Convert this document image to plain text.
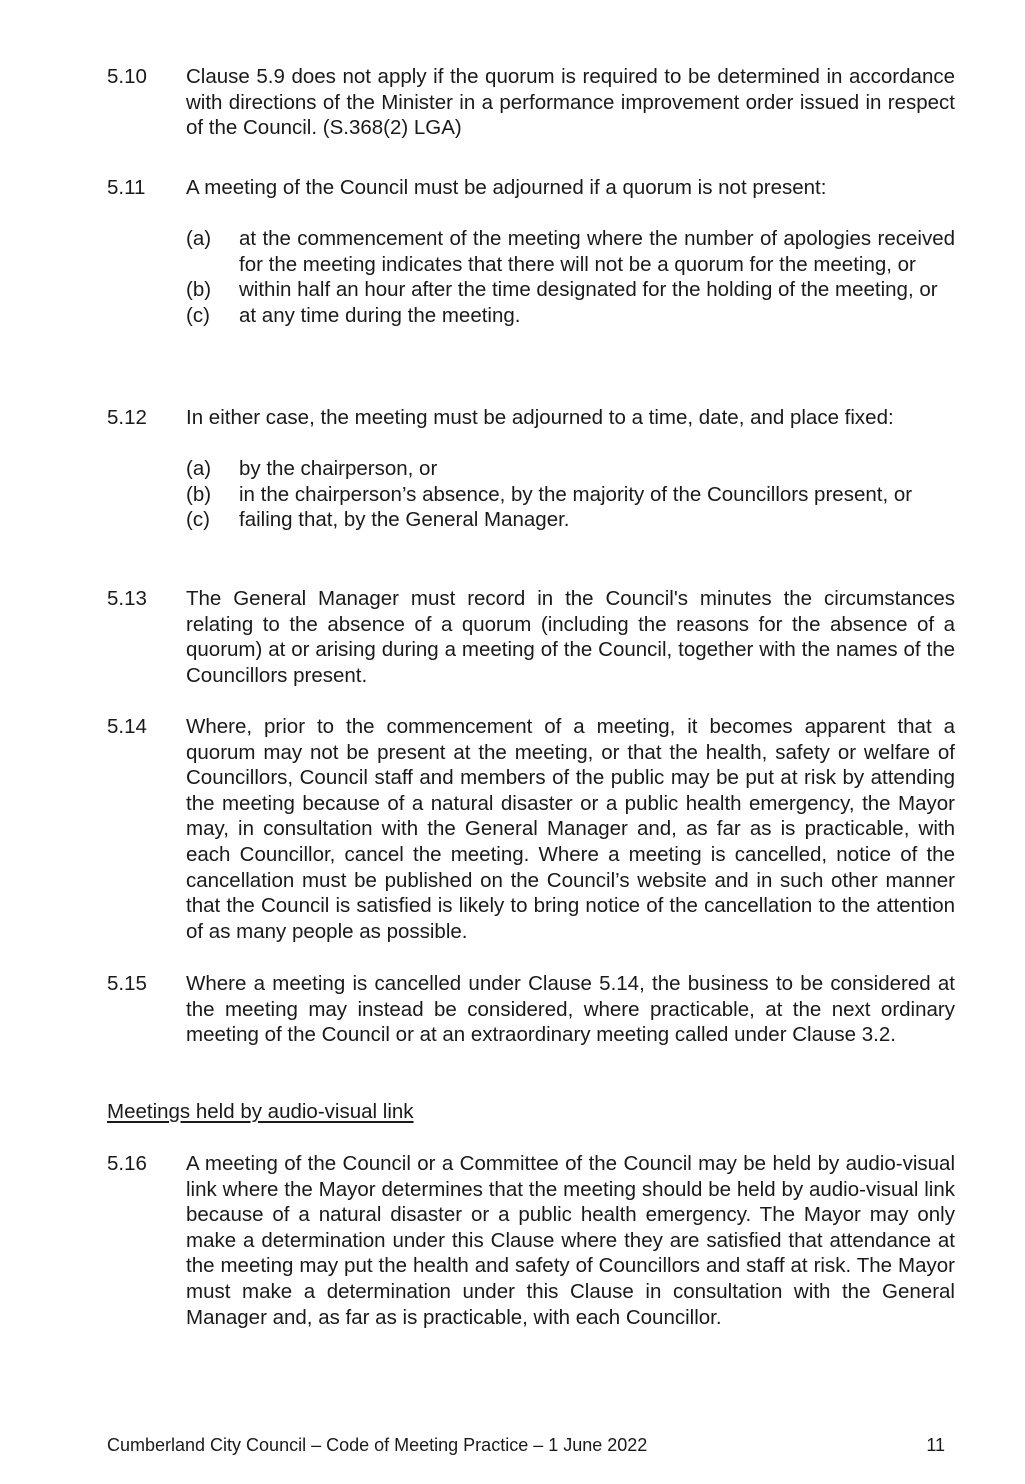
5.10	Clause 5.9 does not apply if the quorum is required to be determined in accordance with directions of the Minister in a performance improvement order issued in respect of the Council. (S.368(2) LGA)
5.11	A meeting of the Council must be adjourned if a quorum is not present:
(a) at the commencement of the meeting where the number of apologies received for the meeting indicates that there will not be a quorum for the meeting, or
(b) within half an hour after the time designated for the holding of the meeting, or
(c) at any time during the meeting.
5.12	In either case, the meeting must be adjourned to a time, date, and place fixed:
(a) by the chairperson, or
(b) in the chairperson’s absence, by the majority of the Councillors present, or
(c) failing that, by the General Manager.
5.13	The General Manager must record in the Council's minutes the circumstances relating to the absence of a quorum (including the reasons for the absence of a quorum) at or arising during a meeting of the Council, together with the names of the Councillors present.
5.14	Where, prior to the commencement of a meeting, it becomes apparent that a quorum may not be present at the meeting, or that the health, safety or welfare of Councillors, Council staff and members of the public may be put at risk by attending the meeting because of a natural disaster or a public health emergency, the Mayor may, in consultation with the General Manager and, as far as is practicable, with each Councillor, cancel the meeting. Where a meeting is cancelled, notice of the cancellation must be published on the Council’s website and in such other manner that the Council is satisfied is likely to bring notice of the cancellation to the attention of as many people as possible.
5.15	Where a meeting is cancelled under Clause 5.14, the business to be considered at the meeting may instead be considered, where practicable, at the next ordinary meeting of the Council or at an extraordinary meeting called under Clause 3.2.
Meetings held by audio-visual link
5.16	A meeting of the Council or a Committee of the Council may be held by audio-visual link where the Mayor determines that the meeting should be held by audio-visual link because of a natural disaster or a public health emergency. The Mayor may only make a determination under this Clause where they are satisfied that attendance at the meeting may put the health and safety of Councillors and staff at risk. The Mayor must make a determination under this Clause in consultation with the General Manager and, as far as is practicable, with each Councillor.
Cumberland City Council – Code of Meeting Practice – 1 June 2022	11
